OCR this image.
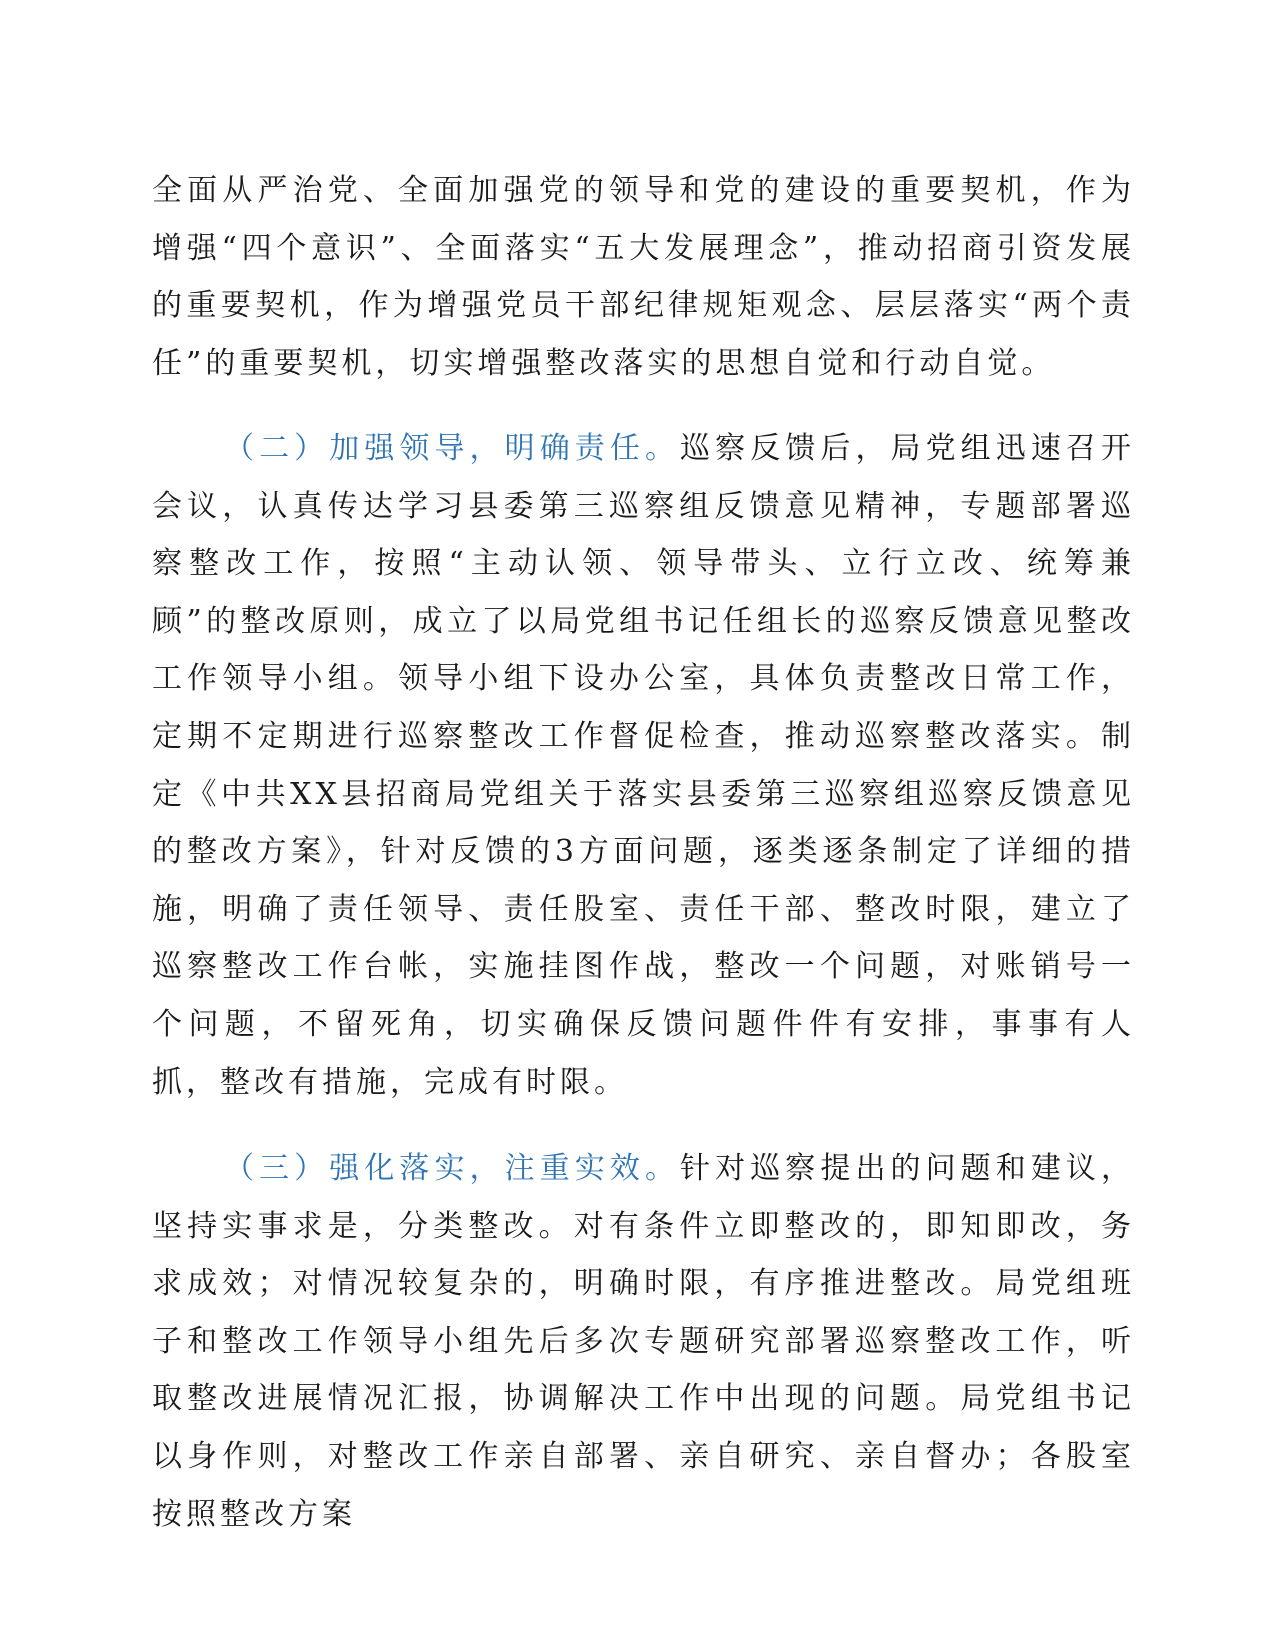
全面从严治党、全面加强党的领导和党的建设的重要契机，作为增强“四个意识”、全面落实“五大发展理念”，推动招商引资发展的重要契机，作为增强党员干部纪律规矩观念、层层落实“两个责任”的重要契机，切实增强整改落实的思想自觉和行动自觉。

（二）加强领导，明确责任。巡察反馈后，局党组迅速召开会议，认真传达学习县委第三巡察组反馈意见精神，专题部署巡察整改工作，按照“主动认领、领导带头、立行立改、统筹兼顾”的整改原则，成立了以局党组书记任组长的巡察反馈意见整改工作领导小组。领导小组下设办公室，具体负责整改日常工作，定期不定期进行巡察整改工作督促检查，推动巡察整改落实。制定《中共XX县招商局党组关于落实县委第三巡察组巡察反馈意见的整改方案》，针对反馈的3方面问题，逐类逐条制定了详细的措施，明确了责任领导、责任股室、责任干部、整改时限，建立了巡察整改工作台帐，实施挂图作战，整改一个问题，对账销号一个问题，不留死角，切实确保反馈问题件件有安排，事事有人抓，整改有措施，完成有时限。

（三）强化落实，注重实效。针对巡察提出的问题和建议，坚持实事求是，分类整改。对有条件立即整改的，即知即改，务求成效；对情况较复杂的，明确时限，有序推进整改。局党组班子和整改工作领导小组先后多次专题研究部署巡察整改工作，听取整改进展情况汇报，协调解决工作中出现的问题。局党组书记以身作则，对整改工作亲自部署、亲自研究、亲自督办；各股室按照整改方案
